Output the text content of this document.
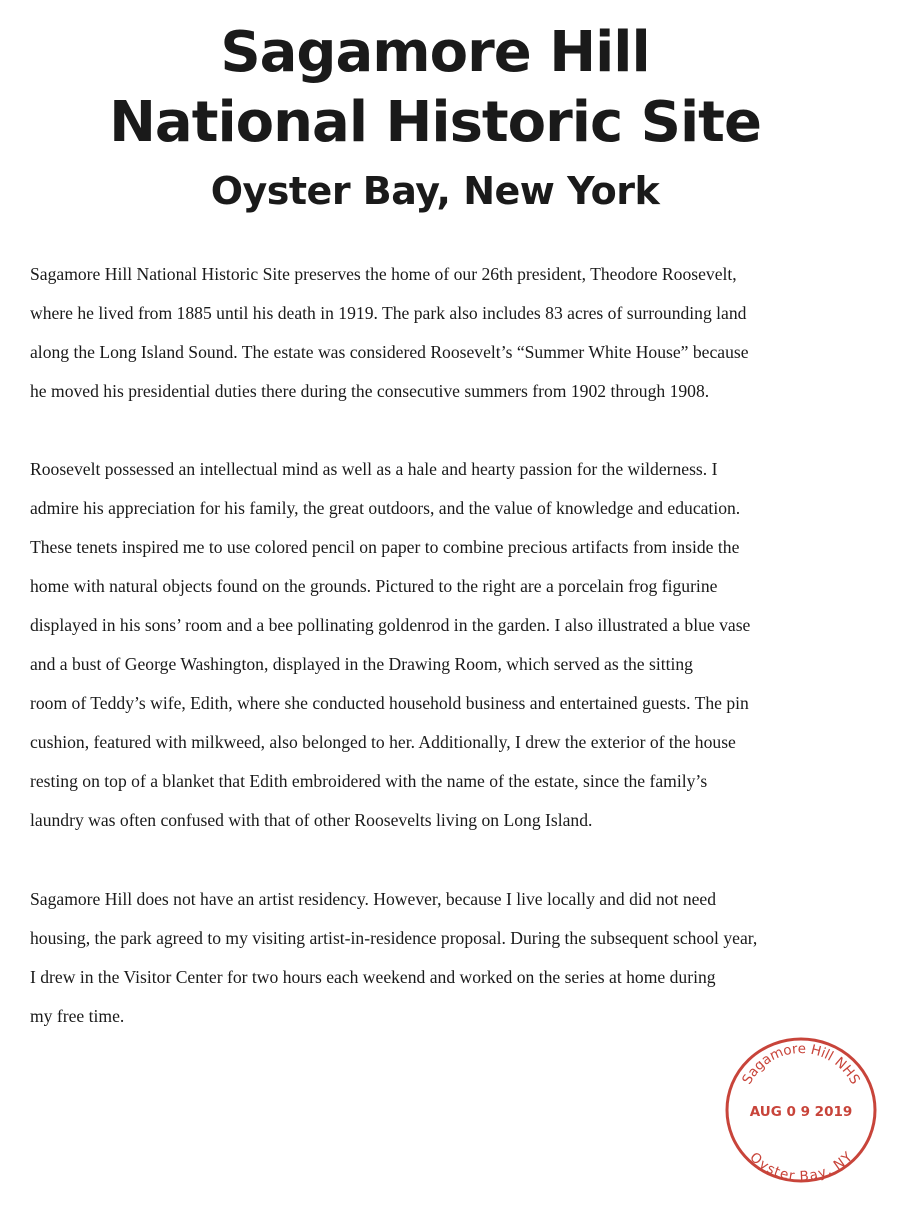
Sagamore Hill
National Historic Site
Oyster Bay, New York

Sagamore Hill National Historic Site preserves the home of our 26th president, Theodore Roosevelt,
where he lived from 1885 until his death in 1919. The park also includes 83 acres of surrounding land
along the Long Island Sound. The estate was considered Roosevelt’s “Summer White House” because
he moved his presidential duties there during the consecutive summers from 1902 through 1908.

Roosevelt possessed an intellectual mind as well as a hale and hearty passion for the wilderness. I
admire his appreciation for his family, the great outdoors, and the value of knowledge and education.
These tenets inspired me to use colored pencil on paper to combine precious artifacts from inside the
home with natural objects found on the grounds. Pictured to the right are a porcelain frog figurine
displayed in his sons’ room and a bee pollinating goldenrod in the garden. I also illustrated a blue vase
and a bust of George Washington, displayed in the Drawing Room, which served as the sitting
room of Teddy’s wife, Edith, where she conducted household business and entertained guests. The pin
cushion, featured with milkweed, also belonged to her. Additionally, I drew the exterior of the house
resting on top of a blanket that Edith embroidered with the name of the estate, since the family’s
laundry was often confused with that of other Roosevelts living on Long Island.

Sagamore Hill does not have an artist residency. However, because I live locally and did not need
housing, the park agreed to my visiting artist-in-residence proposal. During the subsequent school year,
I drew in the Visitor Center for two hours each weekend and worked on the series at home during
my free time.

Sagamore Hill NHS
AUG 0 9 2019
Oyster Bay, NY
